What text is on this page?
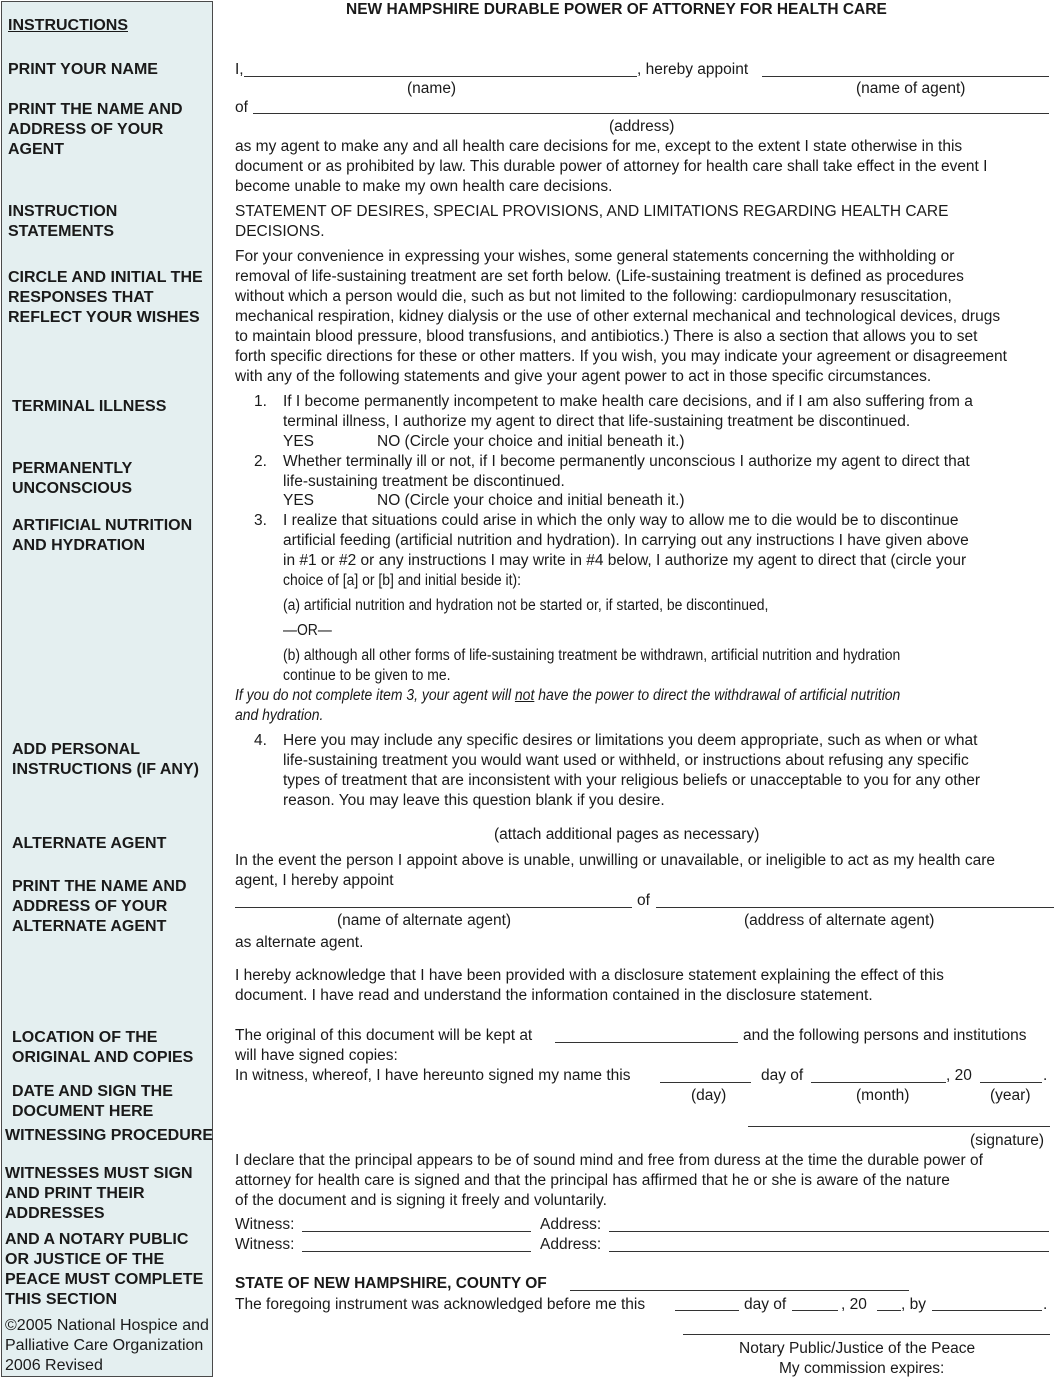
INSTRUCTIONS
PRINT YOUR NAME
PRINT THE NAME AND
ADDRESS OF YOUR
AGENT
INSTRUCTION
STATEMENTS
CIRCLE AND INITIAL THE
RESPONSES THAT
REFLECT YOUR WISHES
TERMINAL ILLNESS
PERMANENTLY
UNCONSCIOUS
ARTIFICIAL NUTRITION
AND HYDRATION
ADD PERSONAL
INSTRUCTIONS (IF ANY)
ALTERNATE AGENT
PRINT THE NAME AND
ADDRESS OF YOUR
ALTERNATE AGENT
LOCATION OF THE
ORIGINAL AND COPIES
DATE AND SIGN THE
DOCUMENT HERE
WITNESSING PROCEDURE
WITNESSES MUST SIGN
AND PRINT THEIR
ADDRESSES
AND A NOTARY PUBLIC
OR JUSTICE OF THE
PEACE MUST COMPLETE
THIS SECTION
©2005 National Hospice and
Palliative Care Organization
2006 Revised
NEW HAMPSHIRE DURABLE POWER OF ATTORNEY FOR HEALTH CARE
I,	, hereby appoint
(name)	(name of agent)
of
(address)
as my agent to make any and all health care decisions for me, except to the extent I state otherwise in this
document or as prohibited by law. This durable power of attorney for health care shall take effect in the event I
become unable to make my own health care decisions.
STATEMENT OF DESIRES, SPECIAL PROVISIONS, AND LIMITATIONS REGARDING HEALTH CARE
DECISIONS.
For your convenience in expressing your wishes, some general statements concerning the withholding or
removal of life-sustaining treatment are set forth below. (Life-sustaining treatment is defined as procedures
without which a person would die, such as but not limited to the following: cardiopulmonary resuscitation,
mechanical respiration, kidney dialysis or the use of other external mechanical and technological devices, drugs
to maintain blood pressure, blood transfusions, and antibiotics.) There is also a section that allows you to set
forth specific directions for these or other matters. If you wish, you may indicate your agreement or disagreement
with any of the following statements and give your agent power to act in those specific circumstances.
1. If I become permanently incompetent to make health care decisions, and if I am also suffering from a
terminal illness, I authorize my agent to direct that life-sustaining treatment be discontinued.
YES	NO (Circle your choice and initial beneath it.)
2. Whether terminally ill or not, if I become permanently unconscious I authorize my agent to direct that
life-sustaining treatment be discontinued.
YES	NO (Circle your choice and initial beneath it.)
3. I realize that situations could arise in which the only way to allow me to die would be to discontinue
artificial feeding (artificial nutrition and hydration). In carrying out any instructions I have given above
in #1 or #2 or any instructions I may write in #4 below, I authorize my agent to direct that (circle your
choice of [a] or [b] and initial beside it):
(a) artificial nutrition and hydration not be started or, if started, be discontinued,
—OR—
(b) although all other forms of life-sustaining treatment be withdrawn, artificial nutrition and hydration
continue to be given to me.
If you do not complete item 3, your agent will not have the power to direct the withdrawal of artificial nutrition
and hydration.
4. Here you may include any specific desires or limitations you deem appropriate, such as when or what
life-sustaining treatment you would want used or withheld, or instructions about refusing any specific
types of treatment that are inconsistent with your religious beliefs or unacceptable to you for any other
reason. You may leave this question blank if you desire.
(attach additional pages as necessary)
In the event the person I appoint above is unable, unwilling or unavailable, or ineligible to act as my health care
agent, I hereby appoint
of
(name of alternate agent)	(address of alternate agent)
as alternate agent.
I hereby acknowledge that I have been provided with a disclosure statement explaining the effect of this
document. I have read and understand the information contained in the disclosure statement.
The original of this document will be kept at	and the following persons and institutions
will have signed copies:
In witness, whereof, I have hereunto signed my name this	day of	, 20	.
(day)	(month)	(year)
(signature)
I declare that the principal appears to be of sound mind and free from duress at the time the durable power of
attorney for health care is signed and that the principal has affirmed that he or she is aware of the nature
of the document and is signing it freely and voluntarily.
Witness:	Address:
Witness:	Address:
STATE OF NEW HAMPSHIRE, COUNTY OF
The foregoing instrument was acknowledged before me this	day of	, 20 , by	.
Notary Public/Justice of the Peace
My commission expires:
